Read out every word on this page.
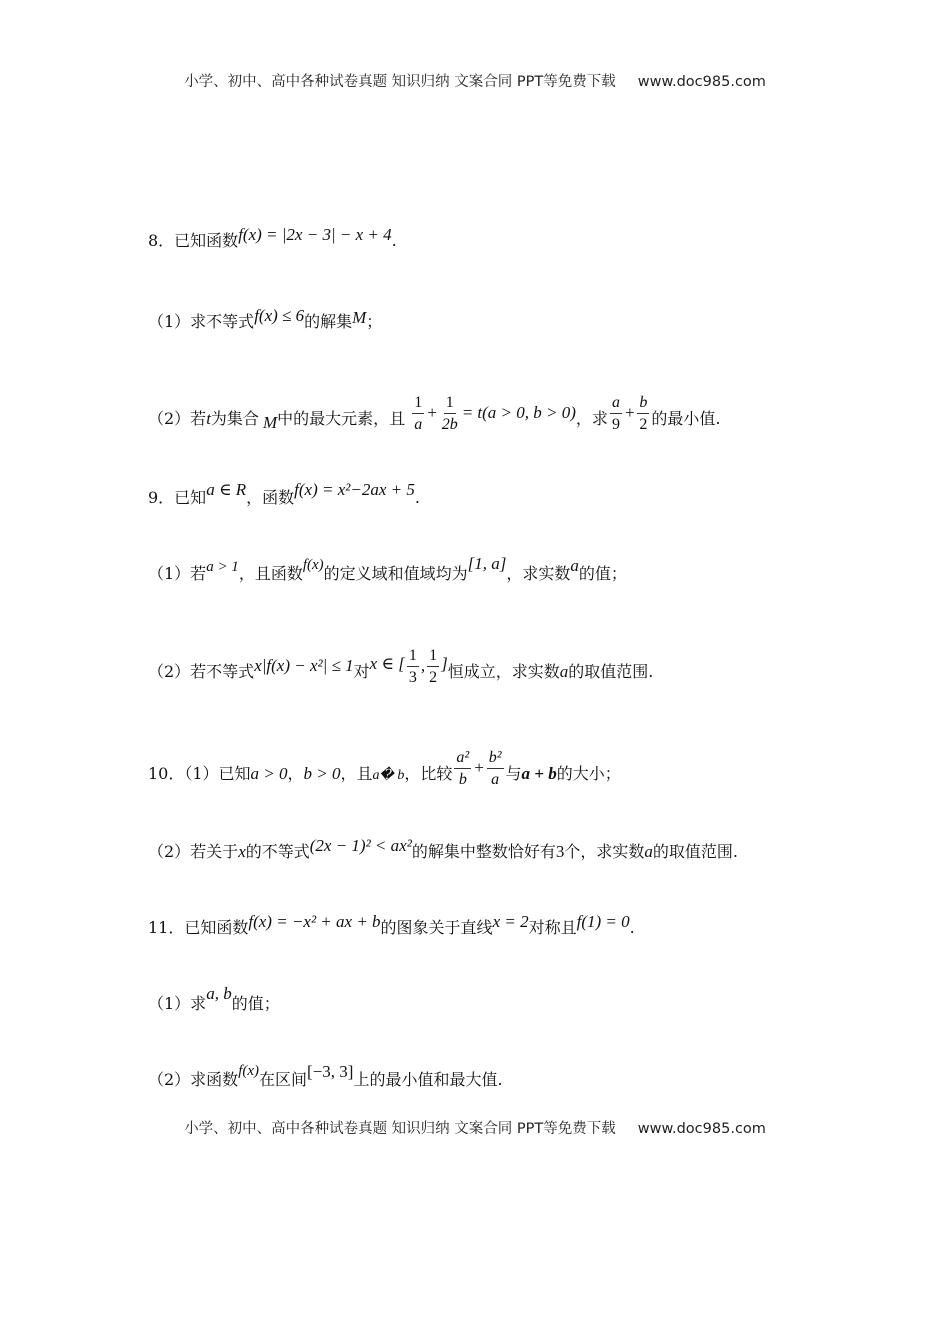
小学、初中、高中各种试卷真题 知识归纳 文案合同 PPT等免费下载 www.doc985.com
8．已知函数f(x) = |2x − 3| − x + 4.
（1）求不等式f(x) ≤ 6的解集M；
（2）若t为集合 M中的最大元素，且 $\frac{1}{a} + \frac{1}{2b} = t(a > 0$, b > 0)，求 $\frac{a}{9} + \frac{b}{2}$ 的最小值.
9．已知a ∈ R，函数f(x) = x²−2ax + 5.
（1）若a > 1，且函数f(x)的定义域和值域均为[1, a]，求实数a的值；
（2）若不等式x|f(x) − x²| ≤ 1对x ∈ [ $\frac{1}{3}$ , $\frac{1}{2}$ ]恒成立，求实数a的取值范围.
10．（1）已知a > 0，b > 0，且a� b，比较 $\frac{\text{a²}}{b} + \frac{\text{b²}}{a}$ 与a + b的大小；
（2）若关于x的不等式(2x − 1)² < ax²的解集中整数恰好有3个，求实数a的取值范围.
11．已知函数f(x) = −x² + ax + b的图象关于直线x = 2对称且f(1) = 0.
（1）求a, b的值；
（2）求函数f(x)在区间[−3, 3]上的最小值和最大值.
小学、初中、高中各种试卷真题 知识归纳 文案合同 PPT等免费下载 www.doc985.com
